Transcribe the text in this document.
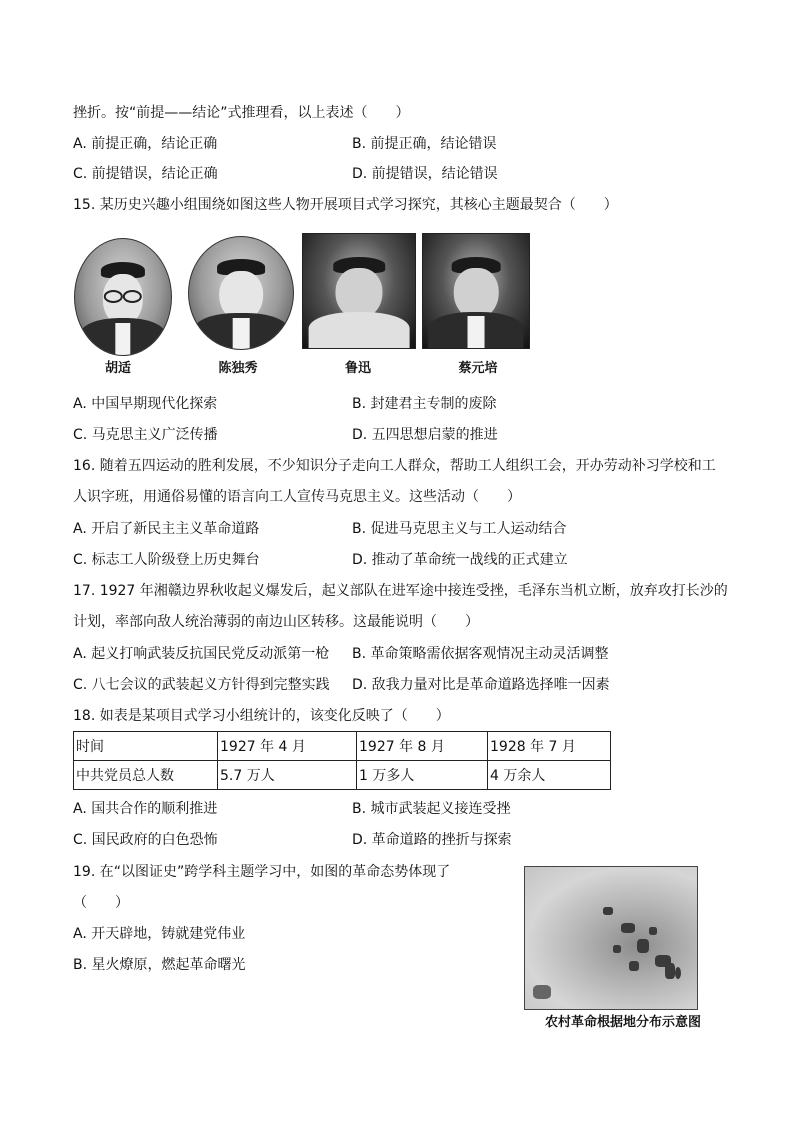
挫折。按“前提——结论”式推理看，以上表述（　　）
A. 前提正确，结论正确	B. 前提正确，结论错误
C. 前提错误，结论正确	D. 前提错误，结论错误
15. 某历史兴趣小组围绕如图这些人物开展项目式学习探究，其核心主题最契合（　　）
胡适	陈独秀	鲁迅	蔡元培
A. 中国早期现代化探索	B. 封建君主专制的废除
C. 马克思主义广泛传播	D. 五四思想启蒙的推进
16. 随着五四运动的胜利发展，不少知识分子走向工人群众，帮助工人组织工会，开办劳动补习学校和工
人识字班，用通俗易懂的语言向工人宣传马克思主义。这些活动（　　）
A. 开启了新民主主义革命道路	B. 促进马克思主义与工人运动结合
C. 标志工人阶级登上历史舞台	D. 推动了革命统一战线的正式建立
17. 1927 年湘赣边界秋收起义爆发后，起义部队在进军途中接连受挫，毛泽东当机立断，放弃攻打长沙的
计划，率部向敌人统治薄弱的南边山区转移。这最能说明（　　）
A. 起义打响武装反抗国民党反动派第一枪 B. 革命策略需依据客观情况主动灵活调整
C. 八七会议的武装起义方针得到完整实践 D. 敌我力量对比是革命道路选择唯一因素
18. 如表是某项目式学习小组统计的，该变化反映了（　　）
时间	1927 年 4 月	1927 年 8 月	1928 年 7 月
中共党员总人数	5.7 万人	1 万多人	4 万余人
A. 国共合作的顺利推进	B. 城市武装起义接连受挫
C. 国民政府的白色恐怖	D. 革命道路的挫折与探索
19. 在“以图证史”跨学科主题学习中，如图的革命态势体现了
（　　）
A. 开天辟地，铸就建党伟业
B. 星火燎原，燃起革命曙光
农村革命根据地分布示意图
